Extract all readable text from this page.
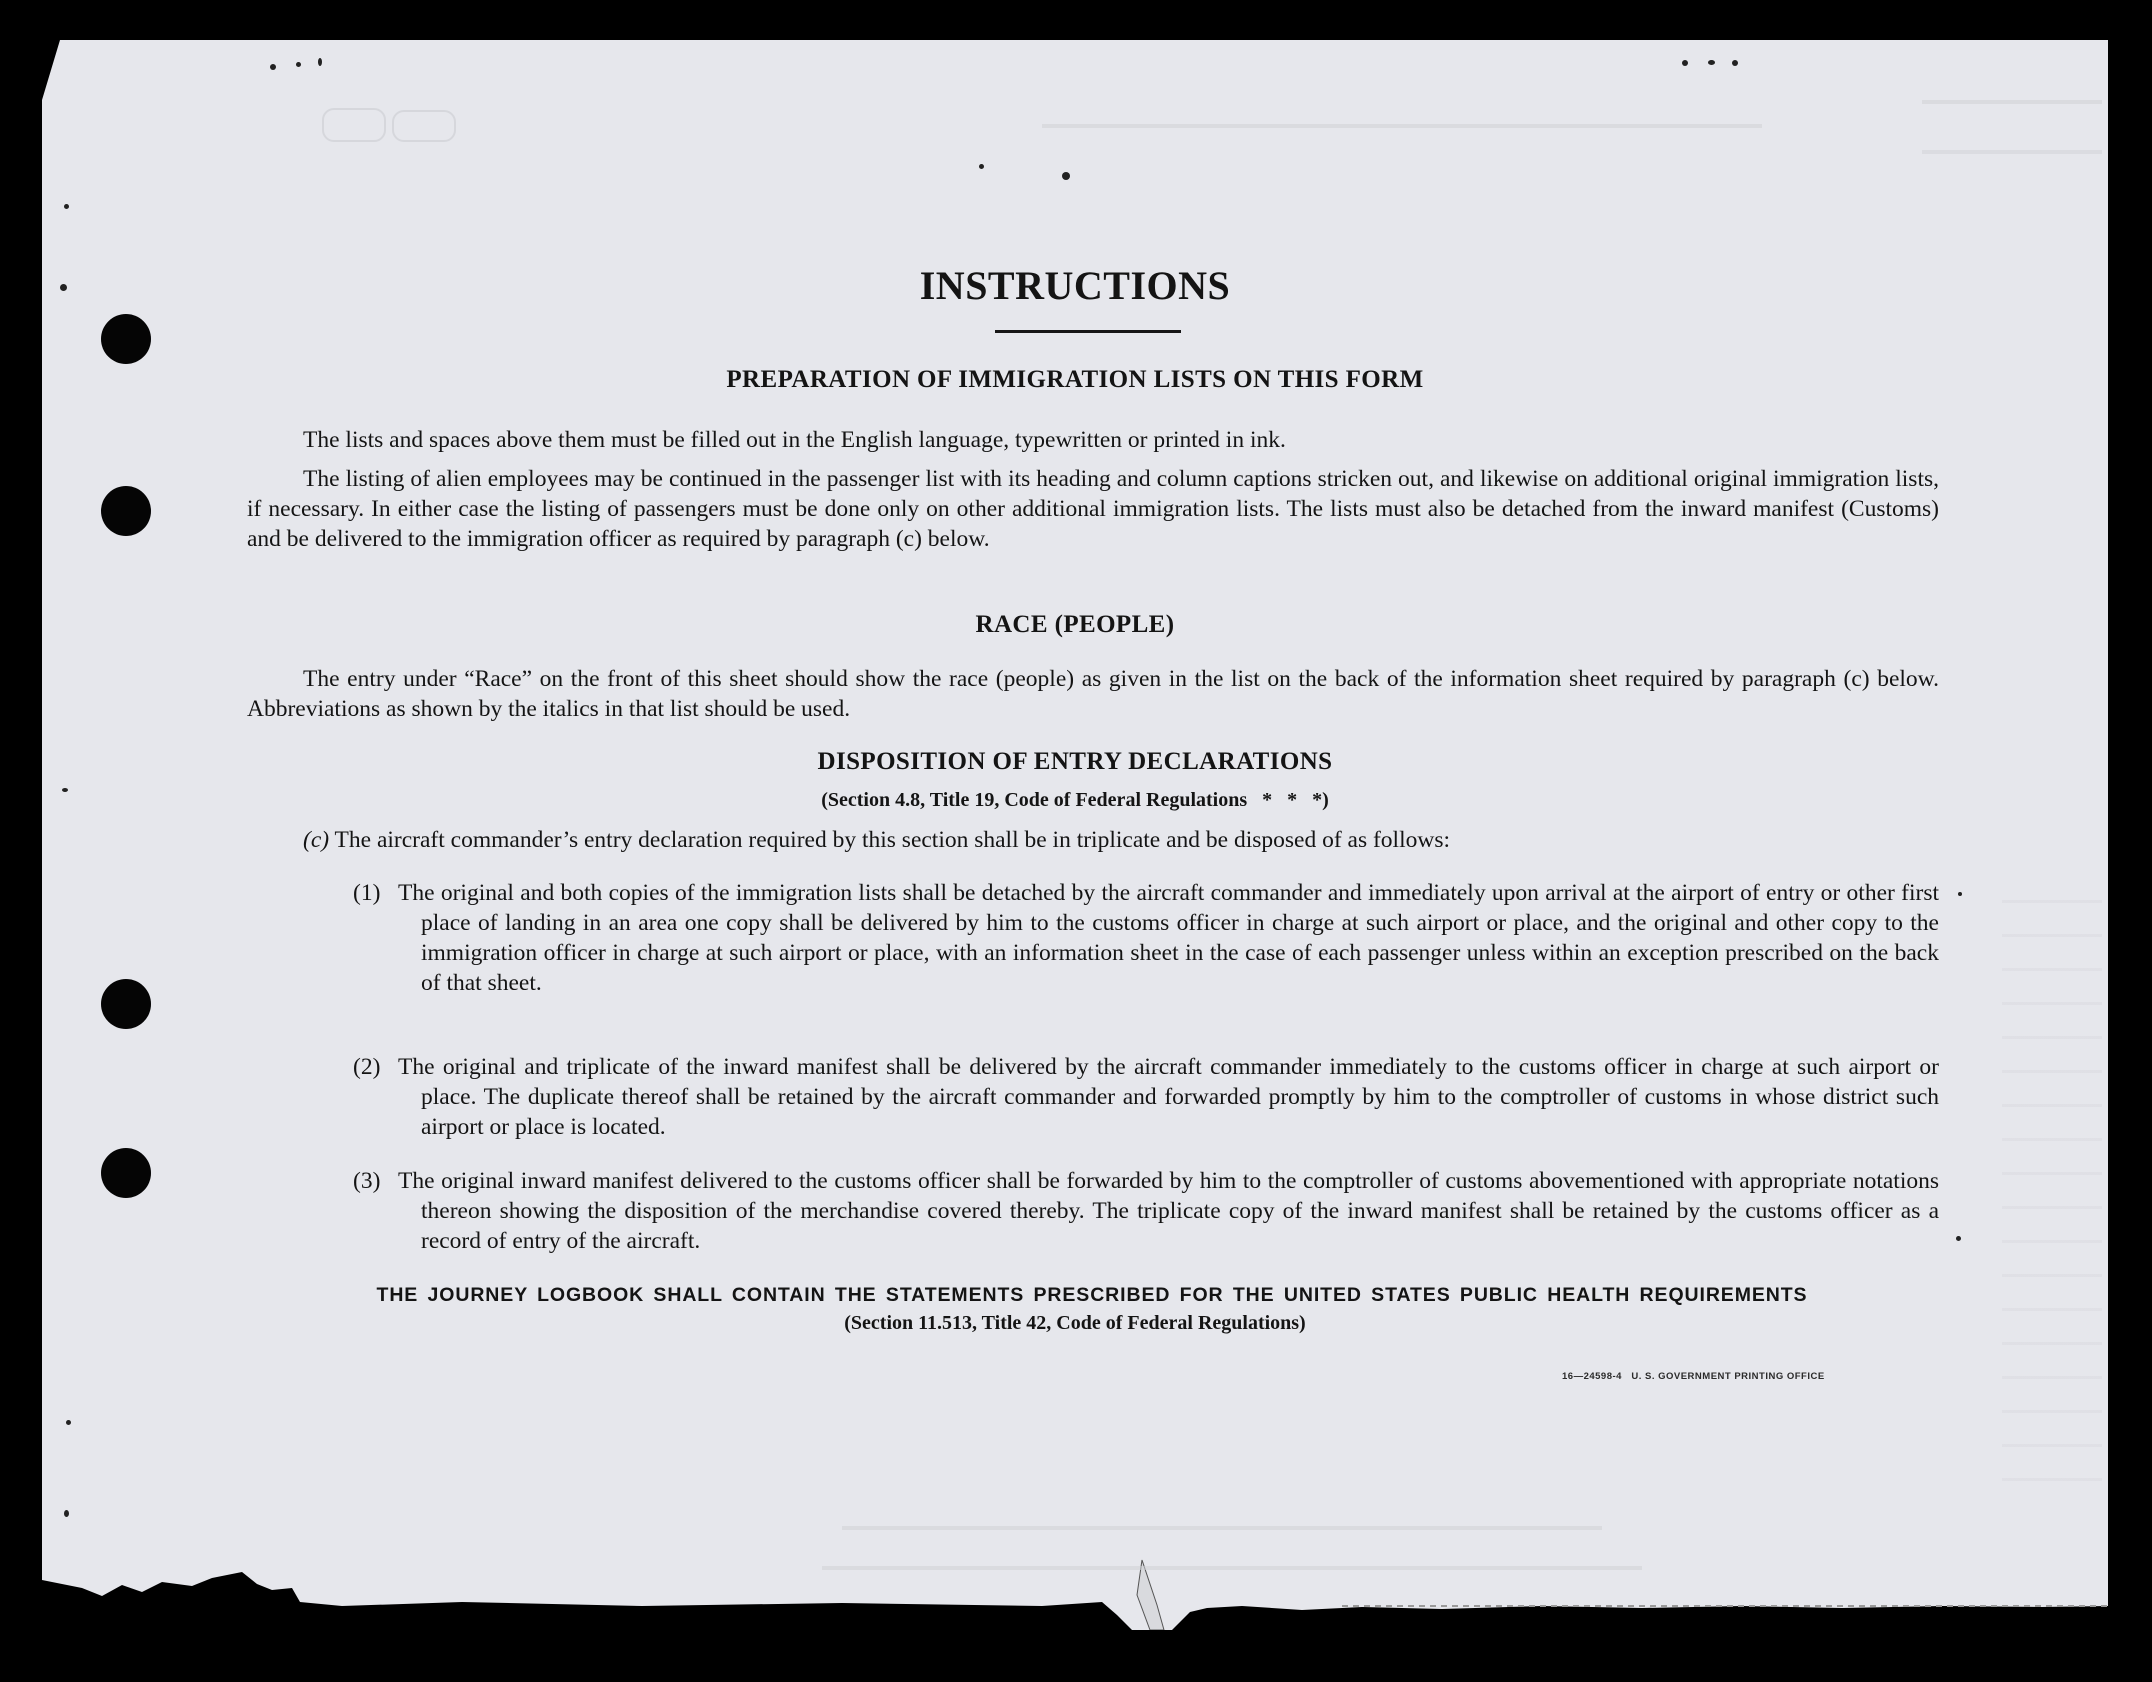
INSTRUCTIONS
PREPARATION OF IMMIGRATION LISTS ON THIS FORM

The lists and spaces above them must be filled out in the English language, typewritten or printed in ink.

The listing of alien employees may be continued in the passenger list with its heading and column captions stricken out, and likewise on additional original immigration lists, if necessary. In either case the listing of passengers must be done only on other additional immigration lists. The lists must also be detached from the inward manifest (Customs) and be delivered to the immigration officer as required by paragraph (c) below.

RACE (PEOPLE)

The entry under “Race” on the front of this sheet should show the race (people) as given in the list on the back of the information sheet required by paragraph (c) below. Abbreviations as shown by the italics in that list should be used.

DISPOSITION OF ENTRY DECLARATIONS

(Section 4.8, Title 19, Code of Federal Regulations   *   *   *)

(c) The aircraft commander’s entry declaration required by this section shall be in triplicate and be disposed of as follows:

(1) The original and both copies of the immigration lists shall be detached by the aircraft commander and immediately upon arrival at the airport of entry or other first place of landing in an area one copy shall be delivered by him to the customs officer in charge at such airport or place, and the original and other copy to the immigration officer in charge at such airport or place, with an information sheet in the case of each passenger unless within an exception prescribed on the back of that sheet.
(2) The original and triplicate of the inward manifest shall be delivered by the aircraft commander immediately to the customs officer in charge at such airport or place. The duplicate thereof shall be retained by the aircraft commander and forwarded promptly by him to the comptroller of customs in whose district such airport or place is located.
(3) The original inward manifest delivered to the customs officer shall be forwarded by him to the comptroller of customs abovementioned with appropriate notations thereon showing the disposition of the merchandise covered thereby. The triplicate copy of the inward manifest shall be retained by the customs officer as a record of entry of the aircraft.

THE JOURNEY LOGBOOK SHALL CONTAIN THE STATEMENTS PRESCRIBED FOR THE UNITED STATES PUBLIC HEALTH REQUIREMENTS

(Section 11.513, Title 42, Code of Federal Regulations)

16—24598-4   U. S. GOVERNMENT PRINTING OFFICE
